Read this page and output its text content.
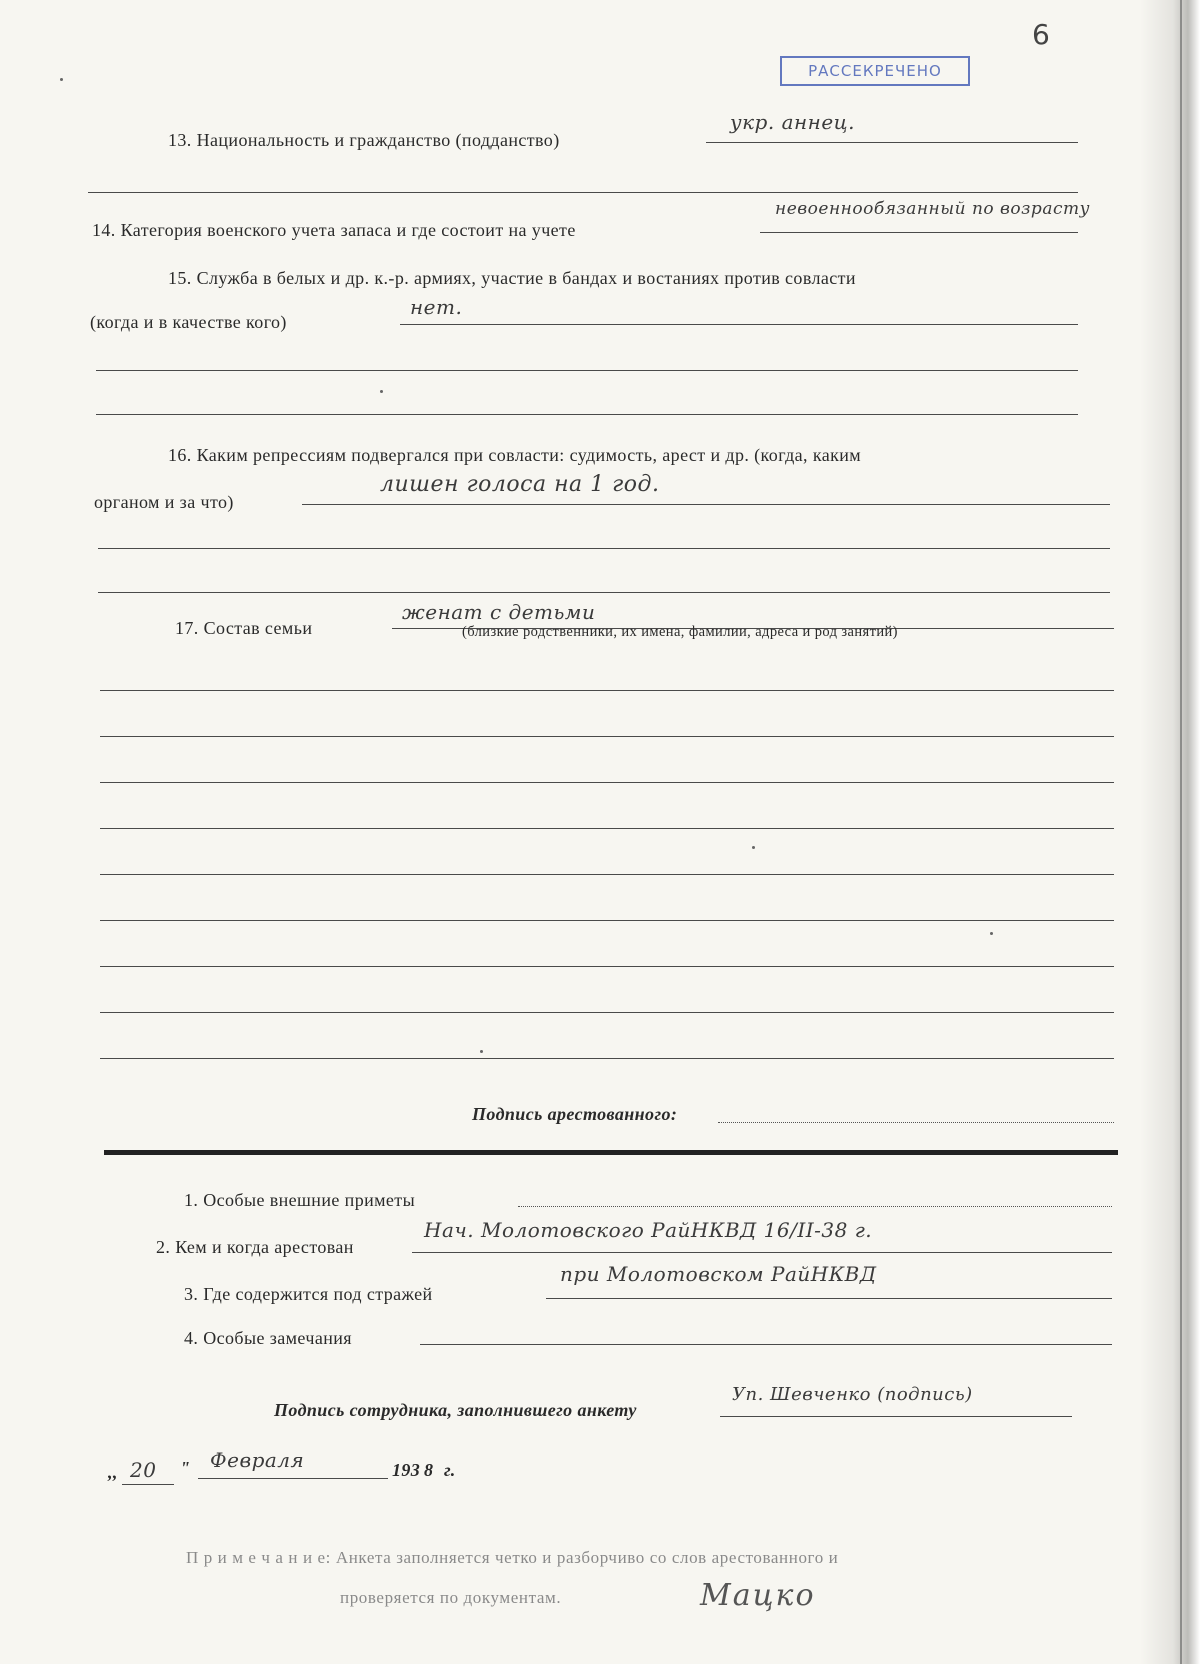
6
РАССЕКРЕЧЕНО
13. Национальность и гражданство (подданство)
укр. аннец.
14. Категория военского учета запаса и где состоит на учете
невоеннообязанный по возрасту
15. Служба в белых и др. к.-р. армиях, участие в бандах и востаниях против совласти
(когда и в качестве кого)
нет.
16. Каким репрессиям подвергался при совласти: судимость, арест и др. (когда, каким
органом и за что)
лишен голоса на 1 год.
17. Состав семьи
женат с детьми
(близкие родственники, их имена, фамилии, адреса и род занятий)
Подпись арестованного:
1. Особые внешние приметы
2. Кем и когда арестован
Нач. Молотовского РайНКВД 16/II-38 г.
3. Где содержится под стражей
при Молотовском РайНКВД
4. Особые замечания
Подпись сотрудника, заполнившего анкету
Уп. Шевченко (подпись)
,, 20 " Февраля	193 8 г.
П р и м е ч а н и е: Анкета заполняется четко и разборчиво со слов арестованного и
проверяется по документам.	Мацко
